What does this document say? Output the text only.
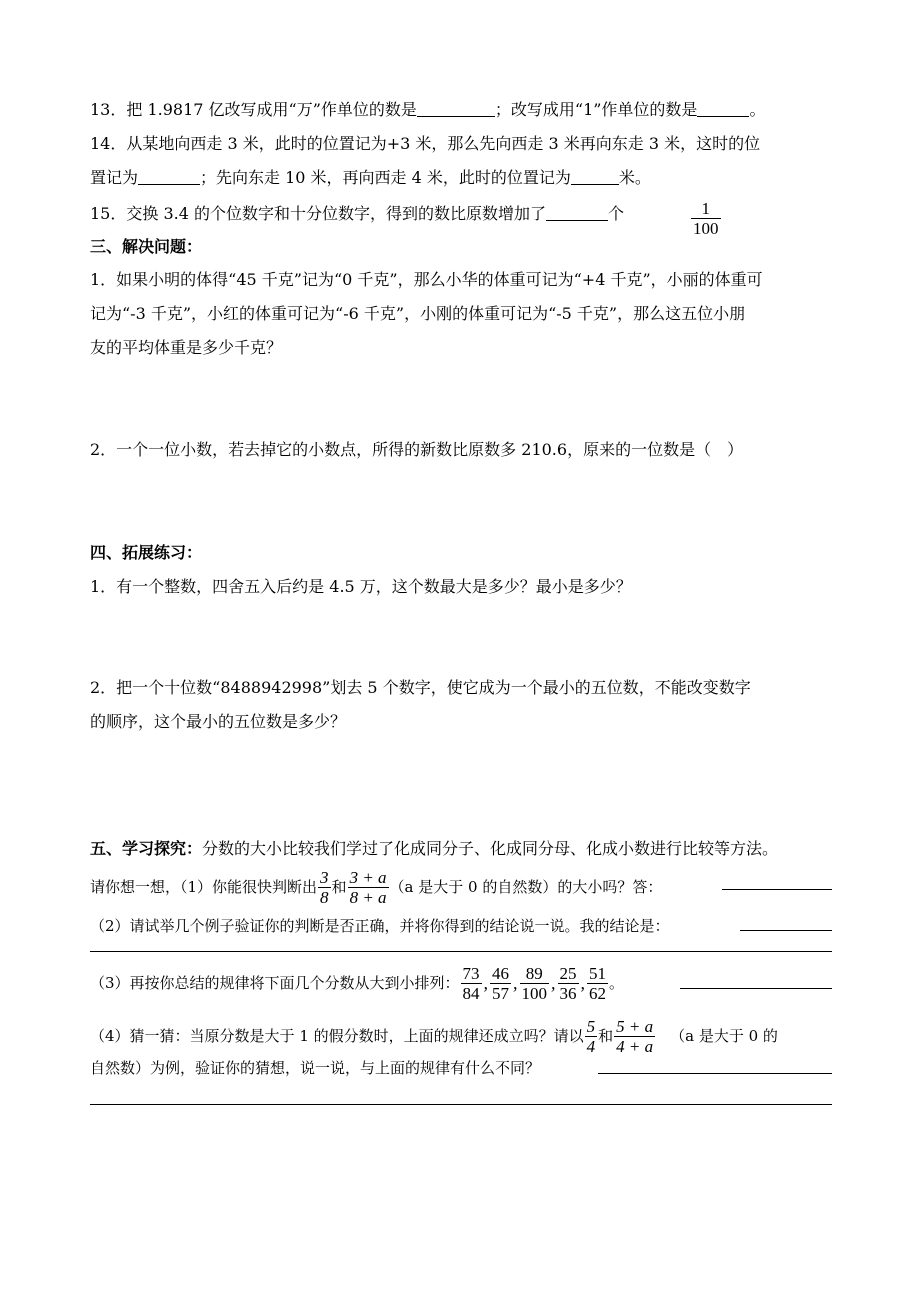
13．把 1.9817 亿改写成用“万”作单位的数是	；改写成用“1”作单位的数是	。
14．从某地向西走 3 米，此时的位置记为+3 米，那么先向西走 3 米再向东走 3 米，这时的位
置记为	；先向东走 10 米，再向西走 4 米，此时的位置记为	米。
15．交换 3.4 的个位数字和十分位数字，得到的数比原数增加了	个	$\frac{1}{100}$
三、解决问题：
1．如果小明的体得“45 千克”记为“0 千克”，那么小华的体重可记为“+4 千克”，小丽的体重可
记为“-3 千克”，小红的体重可记为“-6 千克”，小刚的体重可记为“-5 千克”，那么这五位小朋
友的平均体重是多少千克？
2．一个一位小数，若去掉它的小数点，所得的新数比原数多 210.6，原来的一位数是（　）
四、拓展练习：
1．有一个整数，四舍五入后约是 4.5 万，这个数最大是多少？最小是多少？
2．把一个十位数“8488942998”划去 5 个数字，使它成为一个最小的五位数，不能改变数字
的顺序，这个最小的五位数是多少？
五、学习探究：分数的大小比较我们学过了化成同分子、化成同分母、化成小数进行比较等方法。
请你想一想，（1）你能很快判断出 $\frac{3}{8}$ 和 $\frac{3 + a}{8 + a} (a$ 是大于 0 的自然数）的大小吗？答：
（2）请试举几个例子验证你的判断是否正确，并将你得到的结论说一说。我的结论是：
（3）再按你总结的规律将下面几个分数从大到小排列： $\frac{73}{84}$ , $\frac{46}{57}$ , $\frac{89}{100}$ , $\frac{25}{36}$ , $\frac{51}{62}$ 。
（4）猜一猜：当原分数是大于 1 的假分数时，上面的规律还成立吗？请以 $\frac{5}{4}$ 和 $\frac{5 + a}{4 + a} (a$ 是大于 0 的
自然数）为例，验证你的猜想，说一说，与上面的规律有什么不同？
